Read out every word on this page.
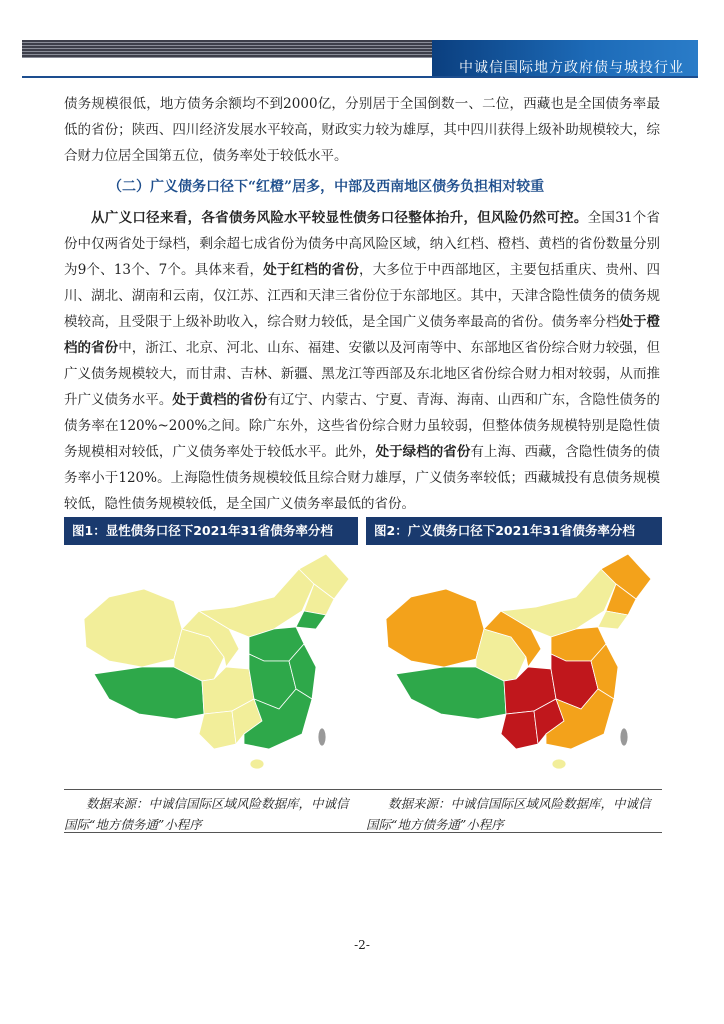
中诚信国际地方政府债与城投行业

债务规模很低，地方债务余额均不到2000亿，分别居于全国倒数一、二位，西藏也是全国债务率最低的省份；陕西、四川经济发展水平较高，财政实力较为雄厚，其中四川获得上级补助规模较大，综合财力位居全国第五位，债务率处于较低水平。

（二）广义债务口径下“红橙”居多，中部及西南地区债务负担相对较重

从广义口径来看，各省债务风险水平较显性债务口径整体抬升，但风险仍然可控。全国31个省份中仅两省处于绿档，剩余超七成省份为债务中高风险区域，纳入红档、橙档、黄档的省份数量分别为9个、13个、7个。具体来看，处于红档的省份，大多位于中西部地区，主要包括重庆、贵州、四川、湖北、湖南和云南，仅江苏、江西和天津三省份位于东部地区。其中，天津含隐性债务的债务规模较高，且受限于上级补助收入，综合财力较低，是全国广义债务率最高的省份。债务率分档处于橙档的省份中，浙江、北京、河北、山东、福建、安徽以及河南等中、东部地区省份综合财力较强，但广义债务规模较大，而甘肃、吉林、新疆、黑龙江等西部及东北地区省份综合财力相对较弱，从而推升广义债务水平。处于黄档的省份有辽宁、内蒙古、宁夏、青海、海南、山西和广东，含隐性债务的债务率在120%~200%之间。除广东外，这些省份综合财力虽较弱，但整体债务规模特别是隐性债务规模相对较低，广义债务率处于较低水平。此外，处于绿档的省份有上海、西藏，含隐性债务的债务率小于120%。上海隐性债务规模较低且综合财力雄厚，广义债务率较低；西藏城投有息债务规模较低，隐性债务规模较低，是全国广义债务率最低的省份。

图1：显性债务口径下2021年31省债务率分档	图2：广义债务口径下2021年31省债务率分档
数据来源：中诚信国际区域风险数据库，中诚信国际“地方债务通”小程序
数据来源：中诚信国际区域风险数据库，中诚信国际“地方债务通”小程序
-2-
